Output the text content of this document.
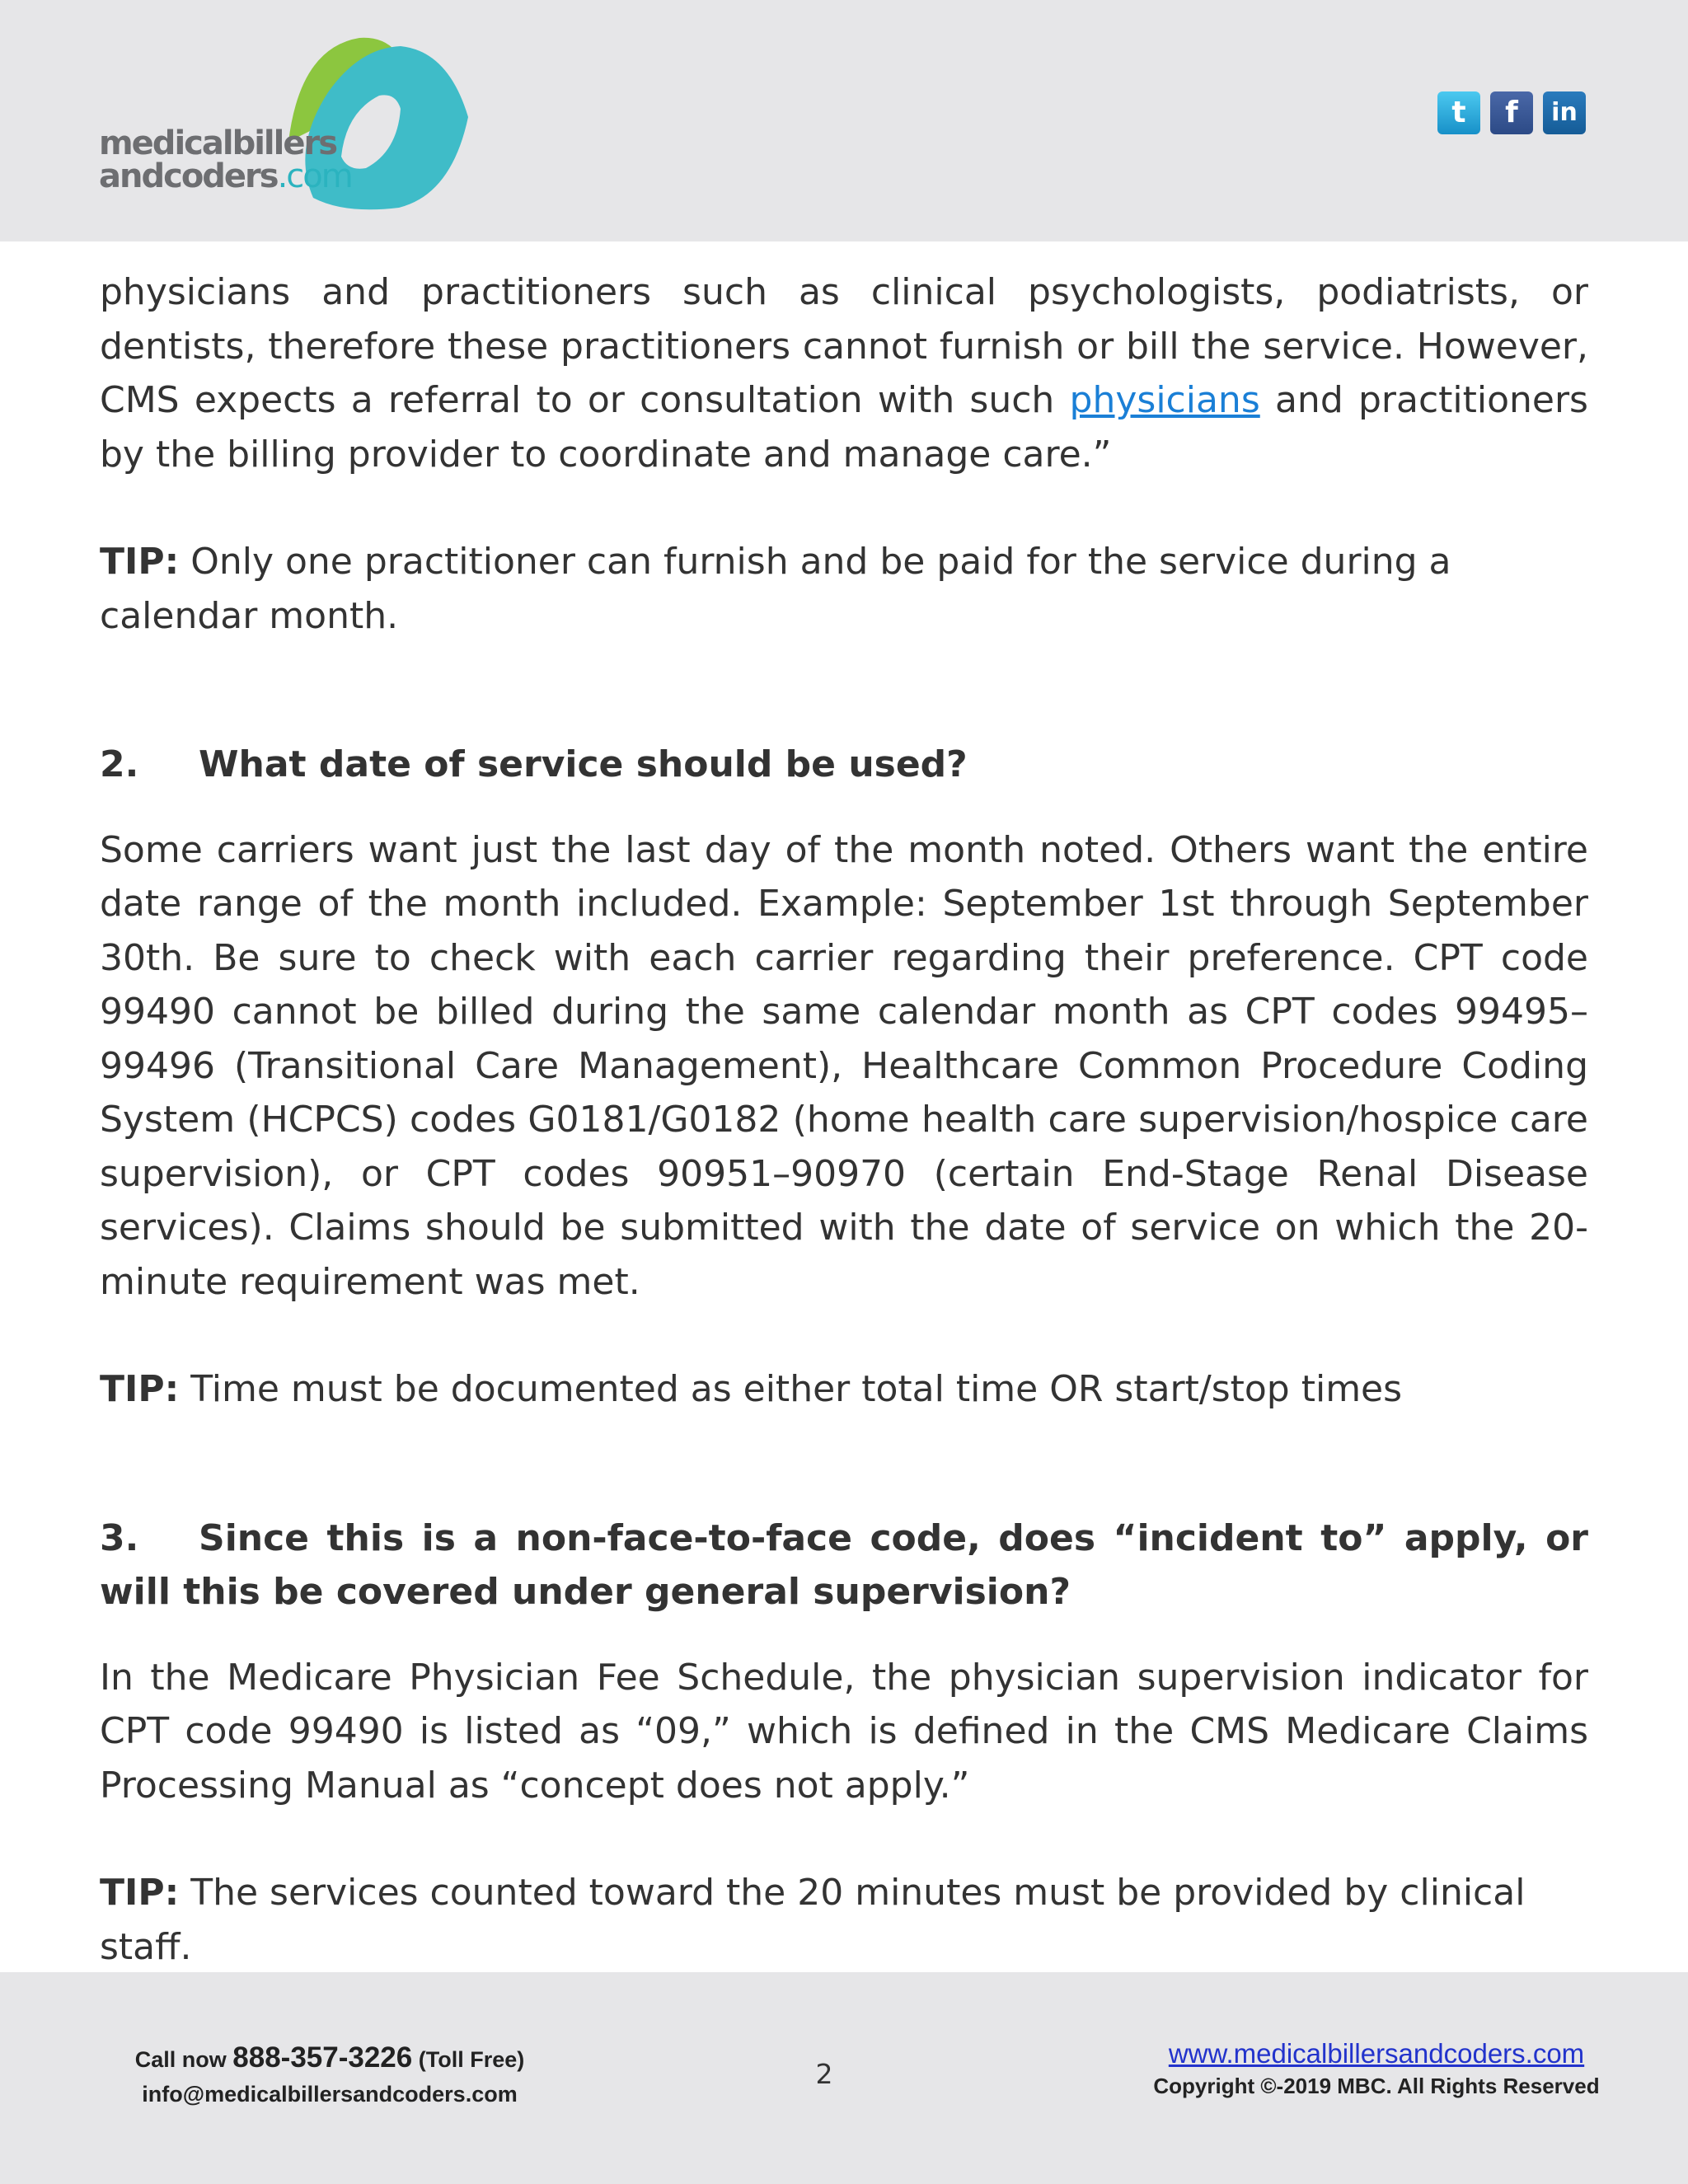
medicalbillers
andcoders.com
t	f	in

physicians and practitioners such as clinical psychologists, podiatrists, or dentists, therefore these practitioners cannot furnish or bill the service. However, CMS expects a referral to or consultation with such physicians and practitioners by the billing provider to coordinate and manage care.”

TIP: Only one practitioner can furnish and be paid for the service during a calendar month.

2. What date of service should be used?

Some carriers want just the last day of the month noted. Others want the entire date range of the month included. Example: September 1st through September 30th. Be sure to check with each carrier regarding their preference. CPT code 99490 cannot be billed during the same calendar month as CPT codes 99495–99496 (Transitional Care Management), Healthcare Common Procedure Coding System (HCPCS) codes G0181/G0182 (home health care supervision/hospice care supervision), or CPT codes 90951–90970 (certain End-Stage Renal Disease services). Claims should be submitted with the date of service on which the 20-minute requirement was met.

TIP: Time must be documented as either total time OR start/stop times

3. Since this is a non-face-to-face code, does “incident to” apply, or will this be covered under general supervision?

In the Medicare Physician Fee Schedule, the physician supervision indicator for CPT code 99490 is listed as “09,” which is defined in the CMS Medicare Claims Processing Manual as “concept does not apply.”

TIP: The services counted toward the 20 minutes must be provided by clinical staff.

Call now 888-357-3226 (Toll Free)
info@medicalbillersandcoders.com
2
www.medicalbillersandcoders.com
Copyright ©-2019 MBC. All Rights Reserved
